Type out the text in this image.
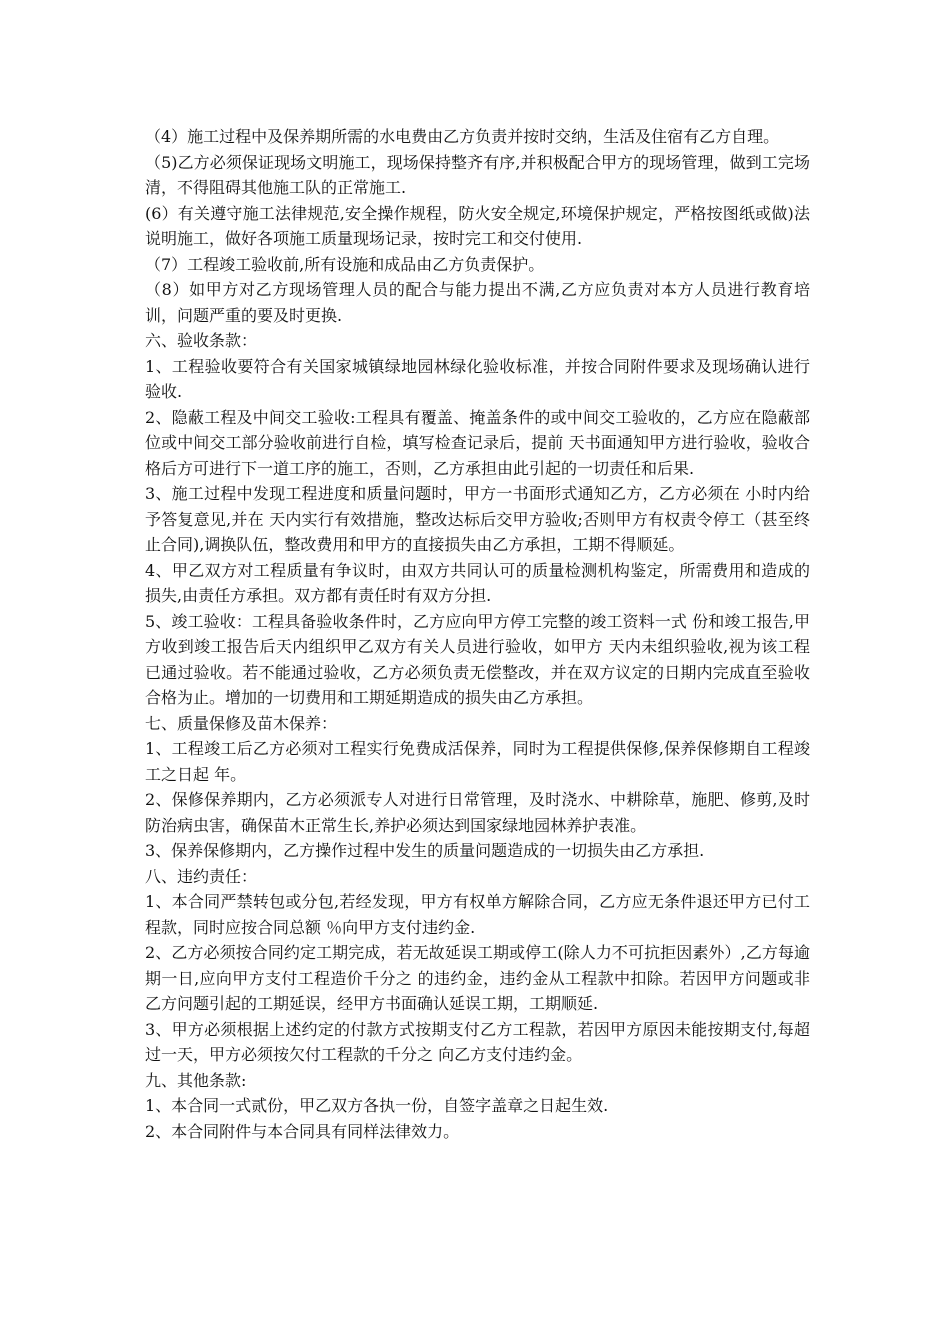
（4）施工过程中及保养期所需的水电费由乙方负责并按时交纳，生活及住宿有乙方自理。

（5)乙方必须保证现场文明施工，现场保持整齐有序,并积极配合甲方的现场管理，做到工完场清，不得阻碍其他施工队的正常施工.

(6）有关遵守施工法律规范,安全操作规程，防火安全规定,环境保护规定，严格按图纸或做)法说明施工，做好各项施工质量现场记录，按时完工和交付使用.

（7）工程竣工验收前,所有设施和成品由乙方负责保护。

（8）如甲方对乙方现场管理人员的配合与能力提出不满,乙方应负责对本方人员进行教育培训，问题严重的要及时更换.

六、验收条款：

1、工程验收要符合有关国家城镇绿地园林绿化验收标准，并按合同附件要求及现场确认进行验收.

2、隐蔽工程及中间交工验收:工程具有覆盖、掩盖条件的或中间交工验收的，乙方应在隐蔽部位或中间交工部分验收前进行自检，填写检查记录后，提前 天书面通知甲方进行验收，验收合格后方可进行下一道工序的施工，否则，乙方承担由此引起的一切责任和后果.

3、施工过程中发现工程进度和质量问题时，甲方一书面形式通知乙方，乙方必须在 小时内给予答复意见,并在 天内实行有效措施，整改达标后交甲方验收;否则甲方有权责令停工（甚至终止合同),调换队伍，整改费用和甲方的直接损失由乙方承担，工期不得顺延。

4、甲乙双方对工程质量有争议时，由双方共同认可的质量检测机构鉴定，所需费用和造成的损失,由责任方承担。双方都有责任时有双方分担.

5、竣工验收：工程具备验收条件时，乙方应向甲方停工完整的竣工资料一式 份和竣工报告,甲方收到竣工报告后天内组织甲乙双方有关人员进行验收，如甲方 天内未组织验收,视为该工程已通过验收。若不能通过验收，乙方必须负责无偿整改，并在双方议定的日期内完成直至验收合格为止。增加的一切费用和工期延期造成的损失由乙方承担。

七、质量保修及苗木保养：

1、工程竣工后乙方必须对工程实行免费成活保养，同时为工程提供保修,保养保修期自工程竣工之日起 年。

2、保修保养期内，乙方必须派专人对进行日常管理，及时浇水、中耕除草，施肥、修剪,及时防治病虫害，确保苗木正常生长,养护必须达到国家绿地园林养护表准。

3、保养保修期内，乙方操作过程中发生的质量问题造成的一切损失由乙方承担.

八、违约责任：

1、本合同严禁转包或分包,若经发现，甲方有权单方解除合同，乙方应无条件退还甲方已付工程款，同时应按合同总额 ％向甲方支付违约金.

2、乙方必须按合同约定工期完成，若无故延误工期或停工(除人力不可抗拒因素外）,乙方每逾期一日,应向甲方支付工程造价千分之 的违约金，违约金从工程款中扣除。若因甲方问题或非乙方问题引起的工期延误，经甲方书面确认延误工期，工期顺延.

3、甲方必须根据上述约定的付款方式按期支付乙方工程款，若因甲方原因未能按期支付,每超过一天，甲方必须按欠付工程款的千分之 向乙方支付违约金。

九、其他条款:

1、本合同一式贰份，甲乙双方各执一份，自签字盖章之日起生效.

2、本合同附件与本合同具有同样法律效力。
